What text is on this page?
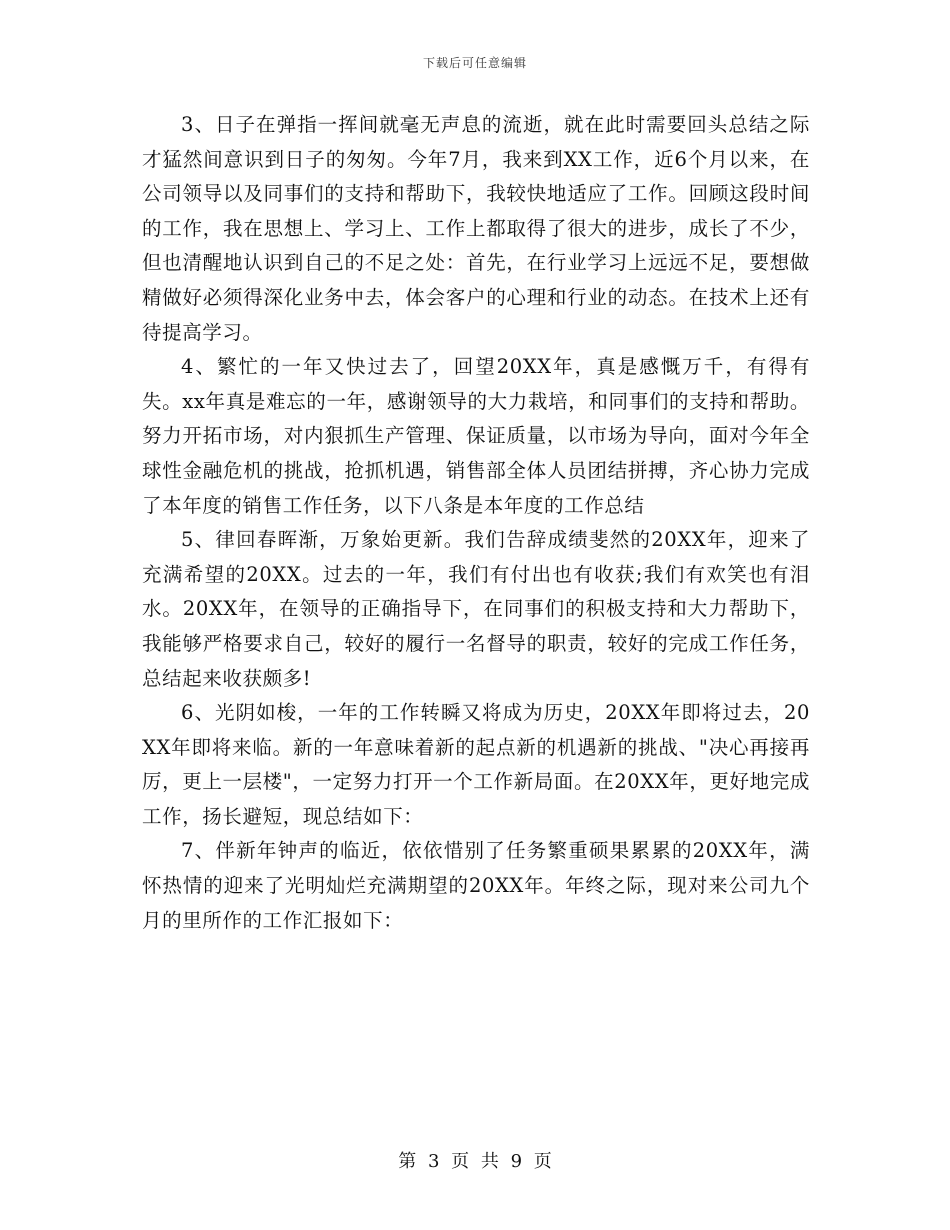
下载后可任意编辑

3、日子在弹指一挥间就毫无声息的流逝，就在此时需要回头总结之际才猛然间意识到日子的匆匆。今年7月，我来到XX工作，近6个月以来，在公司领导以及同事们的支持和帮助下，我较快地适应了工作。回顾这段时间的工作，我在思想上、学习上、工作上都取得了很大的进步，成长了不少，但也清醒地认识到自己的不足之处：首先，在行业学习上远远不足，要想做精做好必须得深化业务中去，体会客户的心理和行业的动态。在技术上还有待提高学习。

4、繁忙的一年又快过去了，回望20XX年，真是感慨万千，有得有失。xx年真是难忘的一年，感谢领导的大力栽培，和同事们的支持和帮助。努力开拓市场，对内狠抓生产管理、保证质量，以市场为导向，面对今年全球性金融危机的挑战，抢抓机遇，销售部全体人员团结拼搏，齐心协力完成了本年度的销售工作任务，以下八条是本年度的工作总结

5、律回春晖渐，万象始更新。我们告辞成绩斐然的20XX年，迎来了充满希望的20XX。过去的一年，我们有付出也有收获;我们有欢笑也有泪水。20XX年，在领导的正确指导下，在同事们的积极支持和大力帮助下，我能够严格要求自己，较好的履行一名督导的职责，较好的完成工作任务，总结起来收获颇多!

6、光阴如梭，一年的工作转瞬又将成为历史，20XX年即将过去，20XX年即将来临。新的一年意味着新的起点新的机遇新的挑战、"决心再接再厉，更上一层楼"，一定努力打开一个工作新局面。在20XX年，更好地完成工作，扬长避短，现总结如下：

7、伴新年钟声的临近，依依惜别了任务繁重硕果累累的20XX年，满怀热情的迎来了光明灿烂充满期望的20XX年。年终之际，现对来公司九个月的里所作的工作汇报如下：

第 3 页 共 9 页
